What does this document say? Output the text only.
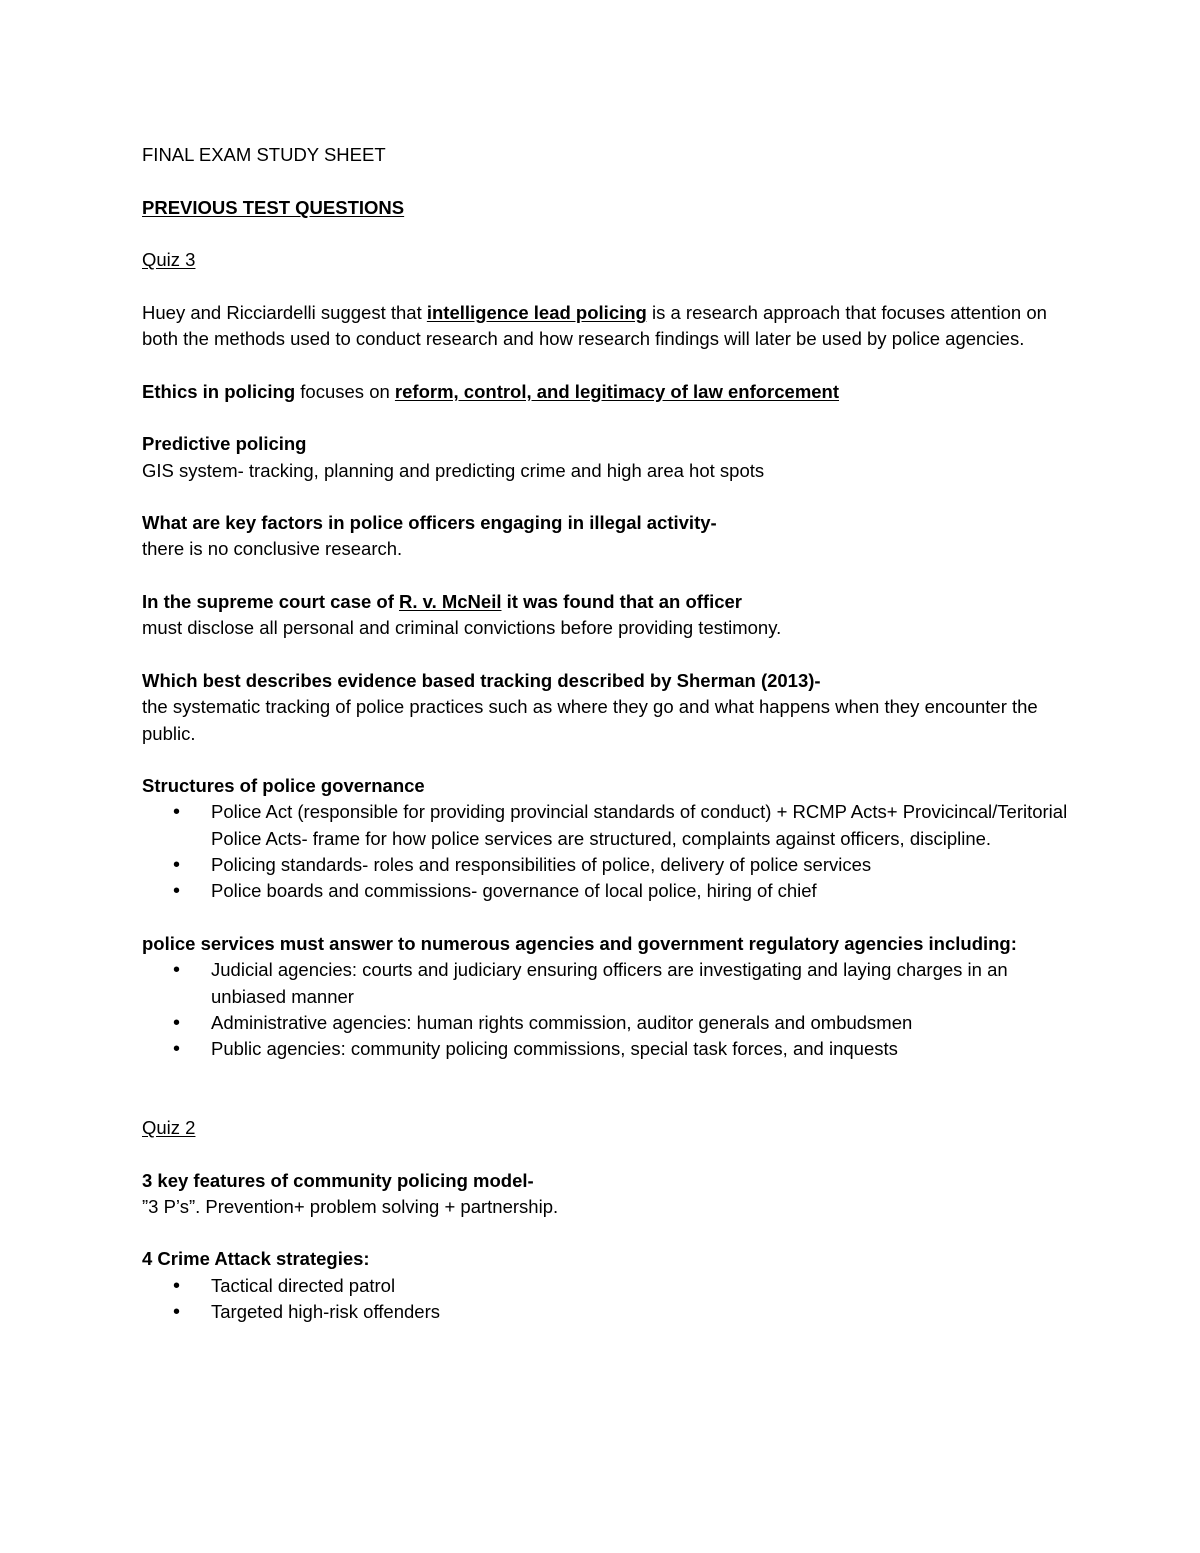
FINAL EXAM STUDY SHEET

PREVIOUS TEST QUESTIONS

Quiz 3

Huey and Ricciardelli suggest that intelligence lead policing is a research approach that focuses attention on both the methods used to conduct research and how research findings will later be used by police agencies.

Ethics in policing focuses on reform, control, and legitimacy of law enforcement

Predictive policing

GIS system- tracking, planning and predicting crime and high area hot spots

What are key factors in police officers engaging in illegal activity-

there is no conclusive research.

In the supreme court case of R. v. McNeil it was found that an officer

must disclose all personal and criminal convictions before providing testimony.

Which best describes evidence based tracking described by Sherman (2013)-

the systematic tracking of police practices such as where they go and what happens when they encounter the public.

Structures of police governance

• Police Act (responsible for providing provincial standards of conduct) + RCMP Acts+ Provicincal/Teritorial Police Acts- frame for how police services are structured, complaints against officers, discipline.
• Policing standards- roles and responsibilities of police, delivery of police services
• Police boards and commissions- governance of local police, hiring of chief

police services must answer to numerous agencies and government regulatory agencies including:

• Judicial agencies: courts and judiciary ensuring officers are investigating and laying charges in an unbiased manner
• Administrative agencies: human rights commission, auditor generals and ombudsmen
• Public agencies: community policing commissions, special task forces, and inquests

Quiz 2

3 key features of community policing model-

”3 P’s”. Prevention+ problem solving + partnership.

4 Crime Attack strategies:

• Tactical directed patrol
• Targeted high-risk offenders
